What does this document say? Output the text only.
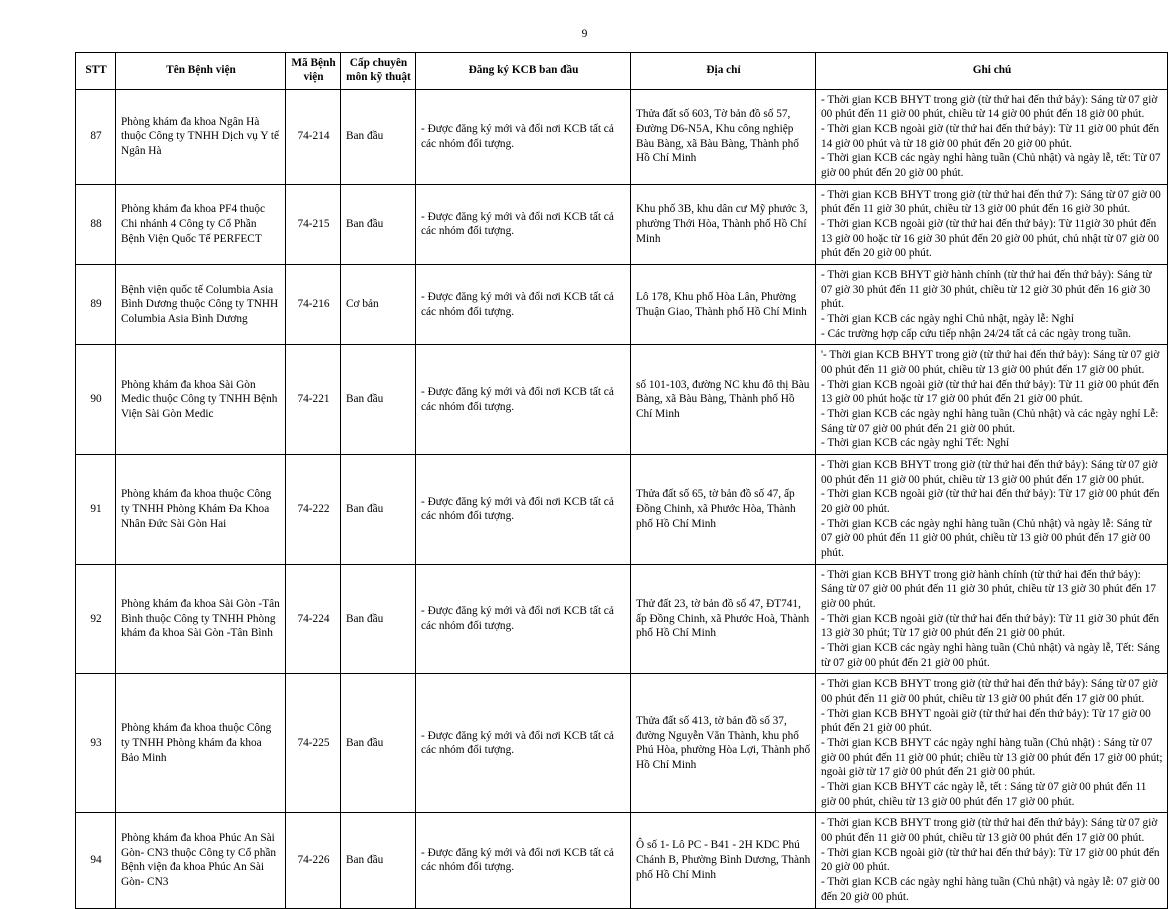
9
STT	Tên Bệnh viện	Mã Bệnh viện	Cấp chuyên môn kỹ thuật	Đăng ký KCB ban đầu	Địa chỉ	Ghi chú
87	Phòng khám đa khoa Ngân Hà thuộc Công ty TNHH Dịch vụ Y tế Ngân Hà	74-214	Ban đầu	- Được đăng ký mới và đổi nơi KCB tất cả các nhóm đối tượng.	Thửa đất số 603, Tờ bản đồ số 57, Đường D6-N5A, Khu công nghiệp Bàu Bàng, xã Bàu Bàng, Thành phố Hồ Chí Minh	- Thời gian KCB BHYT trong giờ (từ thứ hai đến thứ bảy): Sáng từ 07 giờ 00 phút đến 11 giờ 00 phút, chiều từ 14 giờ 00 phút đến 18 giờ 00 phút.
- Thời gian KCB ngoài giờ (từ thứ hai đến thứ bảy): Từ 11 giờ 00 phút đến 14 giờ 00 phút và từ 18 giờ 00 phút đến 20 giờ 00 phút.
- Thời gian KCB các ngày nghỉ hàng tuần (Chủ nhật) và ngày lễ, tết: Từ 07 giờ 00 phút đến 20 giờ 00 phút.

88	Phòng khám đa khoa PF4 thuộc Chi nhánh 4 Công ty Cổ Phần Bệnh Viện Quốc Tế PERFECT	74-215	Ban đầu	- Được đăng ký mới và đổi nơi KCB tất cả các nhóm đối tượng.	Khu phố 3B, khu dân cư Mỹ phước 3, phường Thới Hòa, Thành phố Hồ Chí Minh	- Thời gian KCB BHYT trong giờ (từ thứ hai đến thứ 7): Sáng từ 07 giờ 00 phút đến 11 giờ 30 phút, chiều từ 13 giờ 00 phút đến 16 giờ 30 phút.
- Thời gian KCB ngoài giờ (từ thứ hai đến thứ bảy): Từ 11giờ 30 phút đến 13 giờ 00 hoặc từ 16 giờ 30 phút đến 20 giờ 00 phút, chủ nhật từ 07 giờ 00 phút đến 20 giờ 00 phút.

89	Bệnh viện quốc tế Columbia Asia Bình Dương thuộc Công ty TNHH Columbia Asia Bình Dương	74-216	Cơ bản	- Được đăng ký mới và đổi nơi KCB tất cả các nhóm đối tượng.	Lô 178, Khu phố Hòa Lân, Phường Thuận Giao, Thành phố Hồ Chí Minh	- Thời gian KCB BHYT giờ hành chính (từ thứ hai đến thứ bảy): Sáng từ 07 giờ 30 phút đến 11 giờ 30 phút, chiều từ 12 giờ 30 phút đến 16 giờ 30 phút.
- Thời gian KCB các ngày nghỉ Chủ nhật, ngày lễ: Nghỉ
- Các trường hợp cấp cứu tiếp nhận 24/24 tất cả các ngày trong tuần.

90	Phòng khám đa khoa Sài Gòn Medic thuộc Công ty TNHH Bệnh Viện Sài Gòn Medic	74-221	Ban đầu	- Được đăng ký mới và đổi nơi KCB tất cả các nhóm đối tượng.	số 101-103, đường NC khu đô thị Bàu Bàng, xã Bàu Bàng, Thành phố Hồ Chí Minh	'- Thời gian KCB BHYT trong giờ (từ thứ hai đến thứ bảy): Sáng từ 07 giờ 00 phút đến 11 giờ 00 phút, chiều từ 13 giờ 00 phút đến 17 giờ 00 phút.
- Thời gian KCB ngoài giờ (từ thứ hai đến thứ bảy): Từ 11 giờ 00 phút đến 13 giờ 00 phút hoặc từ 17 giờ 00 phút đến 21 giờ 00 phút.
- Thời gian KCB các ngày nghỉ hàng tuần (Chủ nhật) và các ngày nghỉ Lễ: Sáng từ 07 giờ 00 phút đến 21 giờ 00 phút.
- Thời gian KCB các ngày nghỉ Tết: Nghỉ

91	Phòng khám đa khoa thuộc Công ty TNHH Phòng Khám Đa Khoa Nhân Đức Sài Gòn Hai	74-222	Ban đầu	- Được đăng ký mới và đổi nơi KCB tất cả các nhóm đối tượng.	Thửa đất số 65, tờ bản đồ số 47, ấp Đồng Chinh, xã Phước Hòa, Thành phố Hồ Chí Minh	- Thời gian KCB BHYT trong giờ (từ thứ hai đến thứ bảy): Sáng từ 07 giờ 00 phút đến 11 giờ 00 phút, chiều từ 13 giờ 00 phút đến 17 giờ 00 phút.
- Thời gian KCB ngoài giờ (từ thứ hai đến thứ bảy): Từ 17 giờ 00 phút đến 20 giờ 00 phút.
- Thời gian KCB các ngày nghỉ hàng tuần (Chủ nhật) và ngày lễ: Sáng từ 07 giờ 00 phút đến 11 giờ 00 phút, chiều từ 13 giờ 00 phút đến 17 giờ 00 phút.

92	Phòng khám đa khoa Sài Gòn -Tân Bình thuộc Công ty TNHH Phòng khám đa khoa Sài Gòn -Tân Bình	74-224	Ban đầu	- Được đăng ký mới và đổi nơi KCB tất cả các nhóm đối tượng.	Thử đất 23, tờ bản đồ số 47, ĐT741, ấp Đồng Chinh, xã Phước Hoà, Thành phố Hồ Chí Minh	- Thời gian KCB BHYT trong giờ hành chính (từ thứ hai đến thứ bảy): Sáng từ 07 giờ 00 phút đến 11 giờ 30 phút, chiều từ 13 giờ 30 phút đến 17 giờ 00 phút.
- Thời gian KCB ngoài giờ (từ thứ hai đến thứ bảy): Từ 11 giờ 30 phút đến 13 giờ 30 phút; Từ 17 giờ 00 phút đến 21 giờ 00 phút.
- Thời gian KCB các ngày nghỉ hàng tuần (Chủ nhật) và ngày lễ, Tết: Sáng từ 07 giờ 00 phút đến 21 giờ 00 phút.

93	Phòng khám đa khoa thuộc Công ty TNHH Phòng khám đa khoa Bảo Minh	74-225	Ban đầu	- Được đăng ký mới và đổi nơi KCB tất cả các nhóm đối tượng.	Thửa đất số 413, tờ bản đồ số 37, đường Nguyễn Văn Thành, khu phố Phú Hòa, phường Hòa Lợi, Thành phố Hồ Chí Minh	- Thời gian KCB BHYT trong giờ (từ thứ hai đến thứ bảy): Sáng từ 07 giờ 00 phút đến 11 giờ 00 phút, chiều từ 13 giờ 00 phút đến 17 giờ 00 phút.
- Thời gian KCB BHYT ngoài giờ (từ thứ hai đến thứ bảy): Từ 17 giờ 00 phút đến 21 giờ 00 phút.
- Thời gian KCB BHYT các ngày nghỉ hàng tuần (Chủ nhật) : Sáng từ 07 giờ 00 phút đến 11 giờ 00 phút; chiều từ 13 giờ 00 phút đến 17 giờ 00 phút; ngoài giờ từ 17 giờ 00 phút đến 21 giờ 00 phút.
- Thời gian KCB BHYT các ngày lễ, tết : Sáng từ 07 giờ 00 phút đến 11 giờ 00 phút, chiều từ 13 giờ 00 phút đến 17 giờ 00 phút.

94	Phòng khám đa khoa Phúc An Sài Gòn- CN3 thuộc Công ty Cổ phần Bệnh viện đa khoa Phúc An Sài Gòn- CN3	74-226	Ban đầu	- Được đăng ký mới và đổi nơi KCB tất cả các nhóm đối tượng.	Ô số 1- Lô PC - B41 - 2H KDC Phú Chánh B, Phường Bình Dương, Thành phố Hồ Chí Minh	- Thời gian KCB BHYT trong giờ (từ thứ hai đến thứ bảy): Sáng từ 07 giờ 00 phút đến 11 giờ 00 phút, chiều từ 13 giờ 00 phút đến 17 giờ 00 phút.
- Thời gian KCB ngoài giờ (từ thứ hai đến thứ bảy): Từ 17 giờ 00 phút đến 20 giờ 00 phút.
- Thời gian KCB các ngày nghỉ hàng tuần (Chủ nhật) và ngày lễ: 07 giờ 00 đến 20 giờ 00 phút.
